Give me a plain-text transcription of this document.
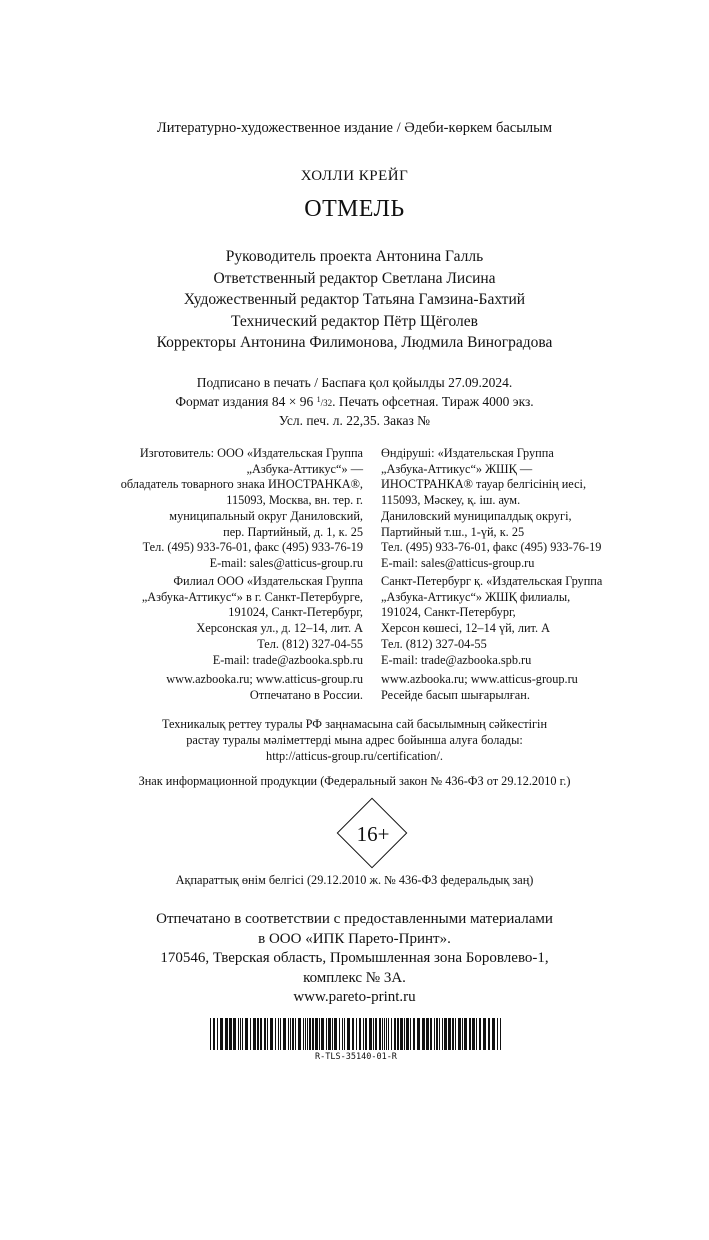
Литературно-художественное издание / Әдеби-көркем басылым
ХОЛЛИ КРЕЙГ
ОТМЕЛЬ
Руководитель проекта Антонина Галль
Ответственный редактор Светлана Лисина
Художественный редактор Татьяна Гамзина-Бахтий
Технический редактор Пётр Щёголев
Корректоры Антонина Филимонова, Людмила Виноградова
Подписано в печать / Баспаға қол қойылды 27.09.2024.
Формат издания 84 × 96 $^1$/32. Печать офсетная. Тираж 4000 экз.
Усл. печ. л. 22,35. Заказ №
Изготовитель: ООО «Издательская Группа
„Азбука-Аттикус“» —
обладатель товарного знака ИНОСТРАНКА®,
115093, Москва, вн. тер. г.
муниципальный округ Даниловский,
пер. Партийный, д. 1, к. 25
Тел. (495) 933-76-01, факс (495) 933-76-19
E-mail: sales@atticus-group.ru
Өндіруші: «Издательская Группа
„Азбука-Аттикус“» ЖШҚ —
ИНОСТРАНКА® тауар белгісінің иесі,
115093, Мәскеу, қ. іш. аум.
Даниловский муниципалдық округі,
Партийный т.ш., 1-үй, к. 25
Тел. (495) 933-76-01, факс (495) 933-76-19
E-mail: sales@atticus-group.ru
Филиал ООО «Издательская Группа
„Азбука-Аттикус“» в г. Санкт-Петербурге,
191024, Санкт-Петербург,
Херсонская ул., д. 12–14, лит. А
Тел. (812) 327-04-55
E-mail: trade@azbooka.spb.ru
Санкт-Петербург қ. «Издательская Группа
„Азбука-Аттикус“» ЖШҚ филиалы,
191024, Санкт-Петербург,
Херсон көшесі, 12–14 үй, лит. А
Тел. (812) 327-04-55
E-mail: trade@azbooka.spb.ru
www.azbooka.ru; www.atticus-group.ru
Отпечатано в России.
www.azbooka.ru; www.atticus-group.ru
Ресейде басып шығарылған.
Техникалық реттеу туралы РФ заңнамасына сай басылымның сәйкестігін
растау туралы мәліметтерді мына адрес бойынша алуға болады:
http://atticus-group.ru/certification/.
Знак информационной продукции (Федеральный закон № 436-ФЗ от 29.12.2010 г.)
16+
Ақпараттық өнім белгісі (29.12.2010 ж. № 436-ФЗ федеральдық заң)
Отпечатано в соответствии с предоставленными материалами
в ООО «ИПК Парето-Принт».
170546, Тверская область, Промышленная зона Боровлево-1,
комплекс № 3А.
www.pareto-print.ru
R-TLS-35140-01-R
